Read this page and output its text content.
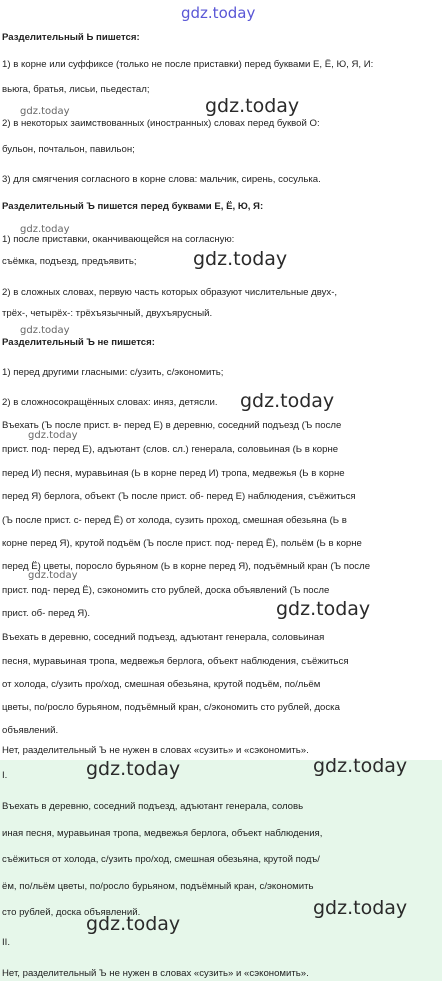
Разделительный Ь пишется:
1) в корне или суффиксе (только не после приставки) перед буквами Е, Ё, Ю, Я, И:
вьюга, братья, лисьи, пьедестал;
2) в некоторых заимствованных (иностранных) словах перед буквой О:
бульон, почтальон, павильон;
3) для смягчения согласного в корне слова: мальчик, сирень, сосулька.
Разделительный Ъ пишется перед буквами Е, Ё, Ю, Я:
1) после приставки, оканчивающейся на согласную:
съёмка, подъезд, предъявить;
2) в сложных словах, первую часть которых образуют числительные двух-,
трёх-, четырёх-: трёхъязычный, двухъярусный.
Разделительный Ъ не пишется:
1) перед другими гласными: с/узить, с/экономить;
2) в сложносокращённых словах: иняз, детясли.
Въехать (Ъ после прист. в- перед Е) в деревню, соседний подъезд (Ъ после
прист. под- перед Е), адъютант (слов. сл.) генерала, соловьиная (Ь в корне
перед И) песня, муравьиная (Ь в корне перед И) тропа, медвежья (Ь в корне
перед Я) берлога, объект (Ъ после прист. об- перед Е) наблюдения, съёжиться
(Ъ после прист. с- перед Ё) от холода, сузить проход, смешная обезьяна (Ь в
корне перед Я), крутой подъём (Ъ после прист. под- перед Ё), польём (Ь в корне
перед Ё) цветы, поросло бурьяном (Ь в корне перед Я), подъёмный кран (Ъ после
прист. под- перед Ё), сэкономить сто рублей, доска объявлений (Ъ после
прист. об- перед Я).
Въехать в деревню, соседний подъезд, адъютант генерала, соловьиная
песня, муравьиная тропа, медвежья берлога, объект наблюдения, съёжиться
от холода, с/узить про/ход, смешная обезьяна, крутой подъём, по/льём
цветы, по/росло бурьяном, подъёмный кран, с/экономить сто рублей, доска
объявлений.
Нет, разделительный Ъ не нужен в словах «сузить» и «сэкономить».
Въехать в деревню, соседний подъезд, адъютант генерала, соловь
иная песня, муравьиная тропа, медвежья берлога, объект наблюдения,
съёжиться от холода, с/узить про/ход, смешная обезьяна, крутой подъ/
ём, по/льём цветы, по/росло бурьяном, подъёмный кран, с/экономить
сто рублей, доска объявлений.
Нет, разделительный Ъ не нужен в словах «сузить» и «сэкономить».
I.
II.
gdz.today
gdz.today
gdz.today
gdz.today
gdz.today
gdz.today
gdz.today
gdz.today
gdz.today
gdz.today
gdz.today	gdz.today
gdz.today
gdz.today
